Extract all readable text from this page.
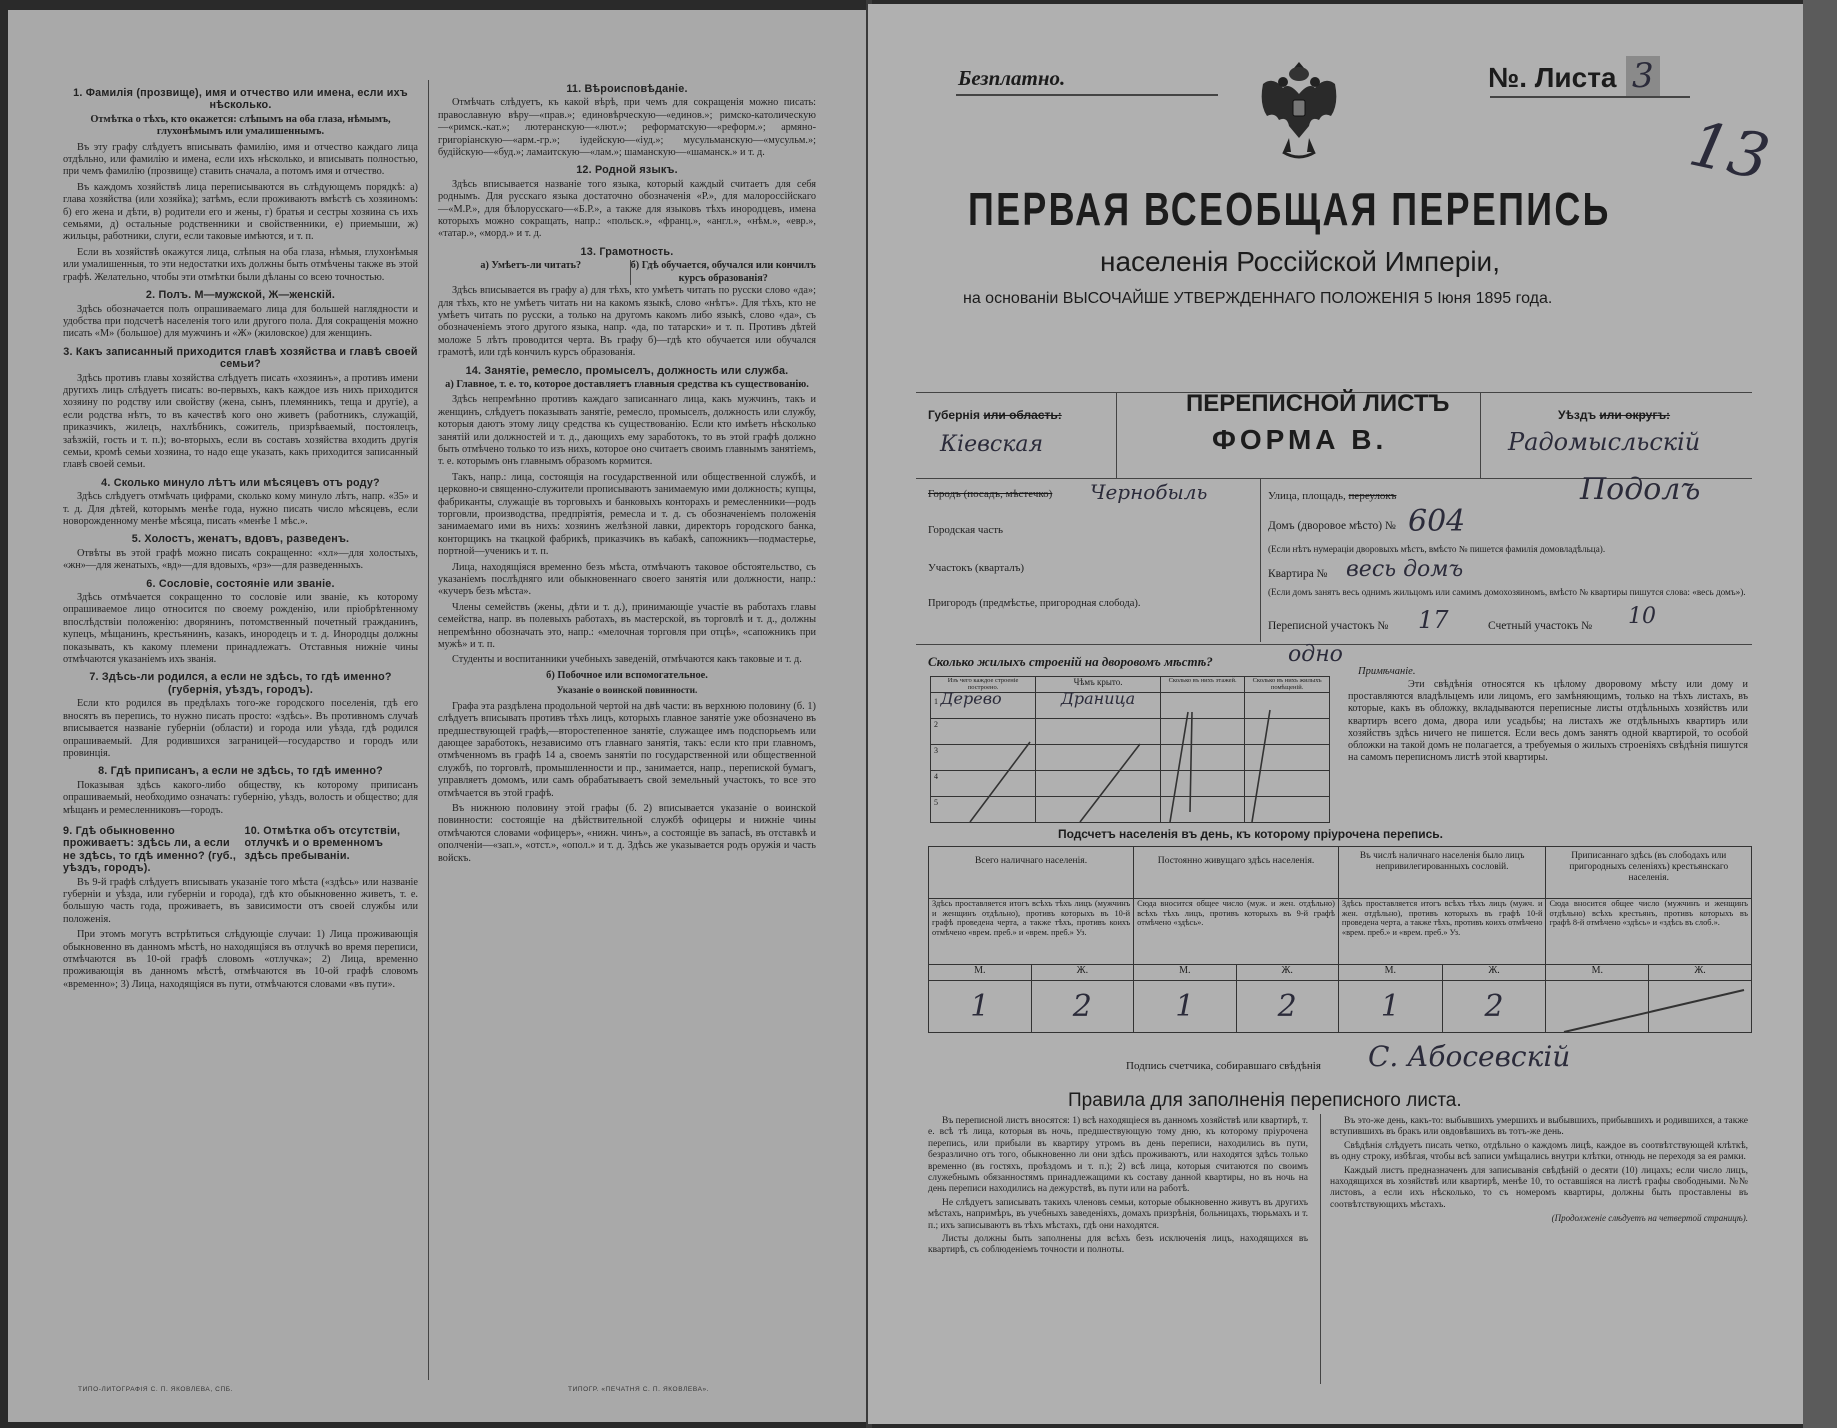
1. Фамилія (прозвище), имя и отчество или имена, если ихъ нѣсколько.
Отмѣтка о тѣхъ, кто окажется: слѣпымъ на оба глаза, нѣмымъ, глухонѣмымъ или умалишеннымъ.

Въ эту графу слѣдуетъ вписывать фамилію, имя и отчество каждаго лица отдѣльно, или фамилію и имена, если ихъ нѣсколько, и вписывать полностью, при чемъ фамилію (прозвище) ставить сначала, а потомъ имя и отчество.

Въ каждомъ хозяйствѣ лица переписываются въ слѣдующемъ порядкѣ: а) глава хозяйства (или хозяйка); затѣмъ, если проживаютъ вмѣстѣ съ хозяиномъ: б) его жена и дѣти, в) родители его и жены, г) братья и сестры хозяина съ ихъ семьями, д) остальные родственники и свойственники, е) приемыши, ж) жильцы, работники, слуги, если таковые имѣются, и т. п.

Если въ хозяйствѣ окажутся лица, слѣпыя на оба глаза, нѣмыя, глухонѣмыя или умалишенныя, то эти недостатки ихъ должны быть отмѣчены также въ этой графѣ. Желательно, чтобы эти отмѣтки были дѣланы со всею точностью.

2. Полъ. М—мужской, Ж—женскій.

Здѣсь обозначается полъ опрашиваемаго лица для большей наглядности и удобства при подсчетѣ населенія того или другого пола. Для сокращенія можно писать «М» (большое) для мужчинъ и «Ж» (жиловское) для женщинъ.

3. Какъ записанный приходится главѣ хозяйства и главѣ своей семьи?

Здѣсь противъ главы хозяйства слѣдуетъ писать «хозяинъ», а противъ имени другихъ лицъ слѣдуетъ писать: во-первыхъ, какъ каждое изъ нихъ приходится хозяину по родству или свойству (жена, сынъ, племянникъ, теща и другіе), а если родства нѣтъ, то въ качествѣ кого оно живетъ (работникъ, служащій, приказчикъ, жилецъ, нахлѣбникъ, сожитель, призрѣваемый, постоялецъ, заѣзжій, гость и т. п.); во-вторыхъ, если въ составъ хозяйства входить другія семьи, кромѣ семьи хозяина, то надо еще указать, какъ приходится записанный главѣ своей семьи.

4. Сколько минуло лѣтъ или мѣсяцевъ отъ роду?

Здѣсь слѣдуетъ отмѣчать цифрами, сколько кому минуло лѣтъ, напр. «35» и т. д. Для дѣтей, которымъ менѣе года, нужно писать число мѣсяцевъ, если новорожденному менѣе мѣсяца, писать «менѣе 1 мѣс.».

5. Холостъ, женатъ, вдовъ, разведенъ.

Отвѣты въ этой графѣ можно писать сокращенно: «хл»—для холостыхъ, «жн»—для женатыхъ, «вд»—для вдовыхъ, «рз»—для разведенныхъ.

6. Сословіе, состояніе или званіе.

Здѣсь отмѣчается сокращенно то сословіе или званіе, къ которому опрашиваемое лицо относится по своему рожденію, или пріобрѣтенному впослѣдствіи положенію: дворянинъ, потомственный почетный гражданинъ, купецъ, мѣщанинъ, крестьянинъ, казакъ, инородецъ и т. д. Инородцы должны показывать, къ какому племени принадлежатъ. Отставныя нижніе чины отмѣчаются указаніемъ ихъ званія.

7. Здѣсь-ли родился, а если не здѣсь, то гдѣ именно? (губернія, уѣздъ, городъ).

Если кто родился въ предѣлахъ того-же городского поселенія, гдѣ его вносятъ въ перепись, то нужно писать просто: «здѣсь». Въ противномъ случаѣ вписывается названіе губерніи (области) и города или уѣзда, гдѣ родился опрашиваемый. Для родившихся заграницей—государство и городъ или провинція.

8. Гдѣ приписанъ, а если не здѣсь, то гдѣ именно?

Показывая здѣсь какого-либо обществу, къ которому приписанъ опрашиваемый, необходимо означать: губернію, уѣздъ, волость и общество; для мѣщанъ и ремесленниковъ—городъ.

9. Гдѣ обыкновенно проживаетъ: здѣсь ли, а если не здѣсь, то гдѣ именно? (губ., уѣздъ, городъ).
10. Отмѣтка объ отсутствіи, отлучкѣ и о временномъ здѣсь пребываніи.

Въ 9-й графѣ слѣдуетъ вписывать указаніе того мѣста («здѣсь» или названіе губерніи и уѣзда, или губерніи и города), гдѣ кто обыкновенно живетъ, т. е. большую часть года, проживаетъ, въ зависимости отъ своей службы или положенія.

При этомъ могутъ встрѣтиться слѣдующіе случаи: 1) Лица проживающія обыкновенно въ данномъ мѣстѣ, но находящіяся въ отлучкѣ во время переписи, отмѣчаются въ 10-ой графѣ словомъ «отлучка»; 2) Лица, временно проживающія въ данномъ мѣстѣ, отмѣчаются въ 10-ой графѣ словомъ «временно»; 3) Лица, находящіяся въ пути, отмѣчаются словами «въ пути».

11. Вѣроисповѣданіе.

Отмѣчать слѣдуетъ, къ какой вѣрѣ, при чемъ для сокращенія можно писать: православную вѣру—«прав.»; единовѣрческую—«единов.»; римско-католическую—«римск.-кат.»; лютеранскую—«лют.»; реформатскую—«реформ.»; армяно-григоріанскую—«арм.-гр.»; іудейскую—«іуд.»; мусульманскую—«мусульм.»; будійскую—«буд.»; ламаитскую—«лам.»; шаманскую—«шаманск.» и т. д.

12. Родной языкъ.

Здѣсь вписывается названіе того языка, который каждый считаетъ для себя роднымъ. Для русскаго языка достаточно обозначенія «Р.», для малороссійскаго—«М.Р.», для бѣлорусскаго—«Б.Р.», а также для языковъ тѣхъ инородцевъ, имена которыхъ можно сокращать, напр.: «польск.», «франц.», «англ.», «нѣм.», «евр.», «татар.», «морд.» и т. д.

13. Грамотность.
а) Умѣетъ-ли читать?	б) Гдѣ обучается, обучался или кончилъ курсъ образованія?

Здѣсь вписывается въ графу а) для тѣхъ, кто умѣетъ читать по русски слово «да»; для тѣхъ, кто не умѣетъ читать ни на какомъ языкѣ, слово «нѣтъ». Для тѣхъ, кто не умѣетъ читать по русски, а только на другомъ какомъ либо языкѣ, слово «да», съ обозначеніемъ этого другого языка, напр. «да, по татарски» и т. п. Противъ дѣтей моложе 5 лѣтъ проводится черта. Въ графу б)—гдѣ кто обучается или обучался грамотѣ, или гдѣ кончилъ курсъ образованія.

14. Занятіе, ремесло, промыселъ, должность или служба.
а) Главное, т. е. то, которое доставляетъ главныя средства къ существованію.

Здѣсь непремѣнно противъ каждаго записаннаго лица, какъ мужчинъ, такъ и женщинъ, слѣдуетъ показывать занятіе, ремесло, промыселъ, должность или службу, которыя даютъ этому лицу средства къ существованію. Если кто имѣетъ нѣсколько занятій или должностей и т. д., дающихъ ему заработокъ, то въ этой графѣ должно быть отмѣчено только то изъ нихъ, которое оно считаетъ своимъ главнымъ занятіемъ, т. е. которымъ онъ главнымъ образомъ кормится.

Такъ, напр.: лица, состоящія на государственной или общественной службѣ, и церковно-и священно-служители прописываютъ занимаемую ими должность; купцы, фабриканты, служащіе въ торговыхъ и банковыхъ конторахъ и ремесленники—родъ торговли, производства, предпріятія, ремесла и т. д. съ обозначеніемъ положенія занимаемаго ими въ нихъ: хозяинъ желѣзной лавки, директоръ городского банка, конторщикъ на ткацкой фабрикѣ, приказчикъ въ кабакѣ, сапожникъ—подмастерье, портной—ученикъ и т. п.

Лица, находящіяся временно безъ мѣста, отмѣчаютъ таковое обстоятельство, съ указаніемъ послѣдняго или обыкновеннаго своего занятія или должности, напр.: «кучеръ безъ мѣста».

Члены семействъ (жены, дѣти и т. д.), принимающіе участіе въ работахъ главы семейства, напр. въ полевыхъ работахъ, въ мастерской, въ торговлѣ и т. д., должны непремѣнно обозначать это, напр.: «мелочная торговля при отцѣ», «сапожникъ при мужѣ» и т. п.

Студенты и воспитанники учебныхъ заведеній, отмѣчаются какъ таковые и т. д.

б) Побочное или вспомогательное.
Указаніе о воинской повинности.

Графа эта раздѣлена продольной чертой на двѣ части: въ верхнюю половину (б. 1) слѣдуетъ вписывать противъ тѣхъ лицъ, которыхъ главное занятіе уже обозначено въ предшествующей графѣ,—второстепенное занятіе, служащее имъ подспорьемъ или дающее заработокъ, независимо отъ главнаго занятія, такъ: если кто при главномъ, отмѣченномъ въ графѣ 14 а, своемъ занятіи по государственной или общественной службѣ, по торговлѣ, промышленности и пр., занимается, напр., перепиской бумагъ, управляетъ домомъ, или самъ обрабатываетъ свой земельный участокъ, то все это отмѣчается въ этой графѣ.

Въ нижнюю половину этой графы (б. 2) вписывается указаніе о воинской повинности: состоящіе на дѣйствительной службѣ офицеры и нижніе чины отмѣчаются словами «офицеръ», «нижн. чинъ», а состоящіе въ запасѣ, въ отставкѣ и ополченіи—«зап.», «отст.», «опол.» и т. д. Здѣсь же указывается родъ оружія и часть войскъ.

ТИПО-ЛИТОГРАФІЯ С. П. ЯКОВЛЕВА, СПБ.	ТИПОГР. «ПЕЧАТНЯ С. П. ЯКОВЛЕВА».
Безплатно.	№. Листа 3
13
ПЕРВАЯ ВСЕОБЩАЯ ПЕРЕПИСЬ
населенія Россійской Имперіи,
на основаніи ВЫСОЧАЙШЕ УТВЕРЖДЕННАГО ПОЛОЖЕНІЯ 5 Іюня 1895 года.
Губернія или область:
Кіевская
ПЕРЕПИСНОЙ ЛИСТЪ
ФОРМА В.
Уѣздъ или округъ:
Радомысльскій
Городъ (посадъ, мѣстечко) Чернобыль	Улица, площадь, переулокъ	Подолъ
Городская часть	Домъ (дворовое мѣсто) № 604
(Если нѣтъ нумераціи дворовыхъ мѣстъ, вмѣсто № пишется фамилія домовладѣльца).
Участокъ (кварталъ)	Квартира № весь домъ
(Если домъ занятъ весь однимъ жильцомъ или самимъ домохозяиномъ, вмѣсто № квартиры пишутся слова: «весь домъ»).
Пригородъ (предмѣстье, пригородная слобода).
Переписной участокъ № 17	Счетный участокъ № 10
Сколько жилыхъ строеній на дворовомъ мѣстѣ?	одно
Изъ чего каждое строеніе построено.	Чѣмъ крыто.	Сколько въ нихъ этажей.	Сколько въ нихъ жилыхъ помѣщеній.
1 Дерево	Драница		
2			
3			
4			
5			
Примѣчаніе.
Эти свѣдѣнія относятся къ цѣлому дворовому мѣсту или дому и проставляются владѣльцемъ или лицомъ, его замѣняющимъ, только на тѣхъ листахъ, въ которые, какъ въ обложку, вкладываются переписные листы отдѣльныхъ хозяйствъ или квартиръ всего дома, двора или усадьбы; на листахъ же отдѣльныхъ квартиръ или хозяйствъ здѣсь ничего не пишется. Если весь домъ занятъ одной квартирой, то особой обложки на такой домъ не полагается, а требуемыя о жилыхъ строеніяхъ свѣдѣнія пишутся на самомъ переписномъ листѣ этой квартиры.
Подсчетъ населенія въ день, къ которому пріурочена перепись.
Всего наличнаго населенія.		Постоянно живущаго здѣсь населенія.		Въ числѣ наличнаго населенія было лицъ непривилегированныхъ сословій.		Приписаннаго здѣсь (въ слободахъ или пригородныхъ селеніяхъ) крестьянскаго населенія.	
Здѣсь проставляется итогъ всѣхъ тѣхъ лицъ (мужчинъ и женщинъ отдѣльно), противъ которыхъ въ 10-й графѣ проведена черта, а также тѣхъ, противъ коихъ отмѣчено «врем. преб.» и «врем. преб.» Уз.		Сюда вносится общее число (муж. и жен. отдѣльно) всѣхъ тѣхъ лицъ, противъ которыхъ въ 9-й графѣ отмѣчено «здѣсь».		Здѣсь проставляется итогъ всѣхъ тѣхъ лицъ (мужч. и жен. отдѣльно), противъ которыхъ въ графѣ 10-й проведена черта, а также тѣхъ, противъ коихъ отмѣчено «врем. преб.» и «врем. преб.» Уз.		Сюда вносится общее число (мужчинъ и женщинъ отдѣльно) всѣхъ крестьянъ, противъ которыхъ въ графѣ 8-й отмѣчено «здѣсь» и «здѣсь въ слоб.».	
М.	Ж.	М.	Ж.	М.	Ж.	М.	Ж.
1	2	1	2	1	2		
Подпись счетчика, собиравшаго свѣдѣнія С. Абосевскій
Правила для заполненія переписного листа.

Въ переписной листъ вносятся: 1) всѣ находящіеся въ данномъ хозяйствѣ или квартирѣ, т. е. всѣ тѣ лица, которыя въ ночь, предшествующую тому дню, къ которому пріурочена перепись, или прибыли въ квартиру утромъ въ день переписи, находились въ пути, безразлично отъ того, обыкновенно ли они здѣсь проживаютъ, или находятся здѣсь только временно (въ гостяхъ, проѣздомъ и т. п.); 2) всѣ лица, которыя считаются по своимъ служебнымъ обязанностямъ принадлежащими къ составу данной квартиры, но въ ночь на день переписи находились на дежурствѣ, въ пути или на работѣ.

Не слѣдуетъ записывать такихъ членовъ семьи, которые обыкновенно живутъ въ другихъ мѣстахъ, напримѣръ, въ учебныхъ заведеніяхъ, домахъ призрѣнія, больницахъ, тюрьмахъ и т. п.; ихъ записываютъ въ тѣхъ мѣстахъ, гдѣ они находятся.

Листы должны быть заполнены для всѣхъ безъ исключенія лицъ, находящихся въ квартирѣ, съ соблюденіемъ точности и полноты.

Въ это-же день, какъ-то: выбывшихъ умершихъ и выбывшихъ, прибывшихъ и родившихся, а также вступившихъ въ бракъ или овдовѣвшихъ въ тотъ-же день.

Свѣдѣнія слѣдуетъ писать четко, отдѣльно о каждомъ лицѣ, каждое въ соотвѣтствующей клѣткѣ, въ одну строку, избѣгая, чтобы всѣ записи умѣщались внутри клѣтки, отнюдь не переходя за ея рамки.

Каждый листъ предназначенъ для записыванія свѣдѣній о десяти (10) лицахъ; если число лицъ, находящихся въ хозяйствѣ или квартирѣ, менѣе 10, то оставшіяся на листѣ графы свободными. №№ листовъ, а если ихъ нѣсколько, то съ номеромъ квартиры, должны быть проставлены въ соотвѣтствующихъ мѣстахъ.

(Продолженіе слѣдуетъ на четвертой страницѣ).
